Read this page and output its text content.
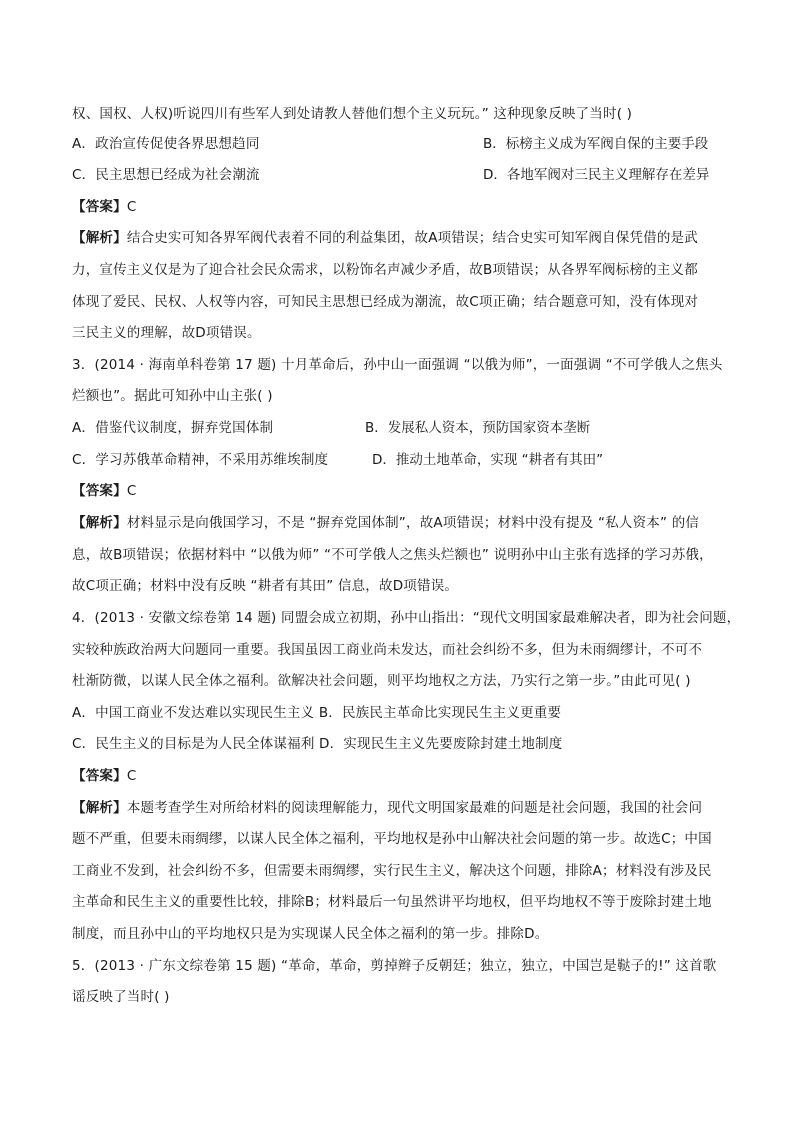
权、国权、人权)听说四川有些军人到处请教人替他们想个主义玩玩。” 这种现象反映了当时( )
A．政治宣传促使各界思想趋同	B．标榜主义成为军阀自保的主要手段
C．民主思想已经成为社会潮流	D．各地军阀对三民主义理解存在差异
【答案】C
【解析】结合史实可知各界军阀代表着不同的利益集团，故A项错误；结合史实可知军阀自保凭借的是武
力，宣传主义仅是为了迎合社会民众需求，以粉饰名声减少矛盾，故B项错误；从各界军阀标榜的主义都
体现了爱民、民权、人权等内容，可知民主思想已经成为潮流，故C项正确；结合题意可知，没有体现对
三民主义的理解，故D项错误。
3．(2014 · 海南单科卷第 17 题) 十月革命后，孙中山一面强调 “以俄为师”，一面强调 “不可学俄人之焦头
烂额也”。据此可知孙中山主张( )
A．借鉴代议制度，摒弃党国体制	B．发展私人资本，预防国家资本垄断
C．学习苏俄革命精神，不采用苏维埃制度	D．推动土地革命，实现 “耕者有其田”
【答案】C
【解析】材料显示是向俄国学习，不是 “摒弃党国体制”，故A项错误；材料中没有提及 “私人资本” 的信
息，故B项错误；依据材料中 “以俄为师” “不可学俄人之焦头烂额也” 说明孙中山主张有选择的学习苏俄，
故C项正确；材料中没有反映 “耕者有其田” 信息，故D项错误。
4．(2013 · 安徽文综卷第 14 题) 同盟会成立初期，孙中山指出：“现代文明国家最难解决者，即为社会问题，
实较种族政治两大问题同一重要。我国虽因工商业尚未发达，而社会纠纷不多，但为未雨绸缪计，不可不
杜渐防微，以谋人民全体之福利。欲解决社会问题，则平均地权之方法，乃实行之第一步。”由此可见( )
A．中国工商业不发达难以实现民生主义 B．民族民主革命比实现民生主义更重要
C．民生主义的目标是为人民全体谋福利 D．实现民生主义先要废除封建土地制度
【答案】C
【解析】本题考查学生对所给材料的阅读理解能力，现代文明国家最难的问题是社会问题，我国的社会问
题不严重，但要未雨绸缪，以谋人民全体之福利，平均地权是孙中山解决社会问题的第一步。故选C；中国
工商业不发到，社会纠纷不多，但需要未雨绸缪，实行民生主义，解决这个问题，排除A；材料没有涉及民
主革命和民生主义的重要性比较，排除B；材料最后一句虽然讲平均地权，但平均地权不等于废除封建土地
制度，而且孙中山的平均地权只是为实现谋人民全体之福利的第一步。排除D。
5．(2013 · 广东文综卷第 15 题) “革命，革命，剪掉辫子反朝廷；独立，独立，中国岂是鞑子的!” 这首歌
谣反映了当时( )
